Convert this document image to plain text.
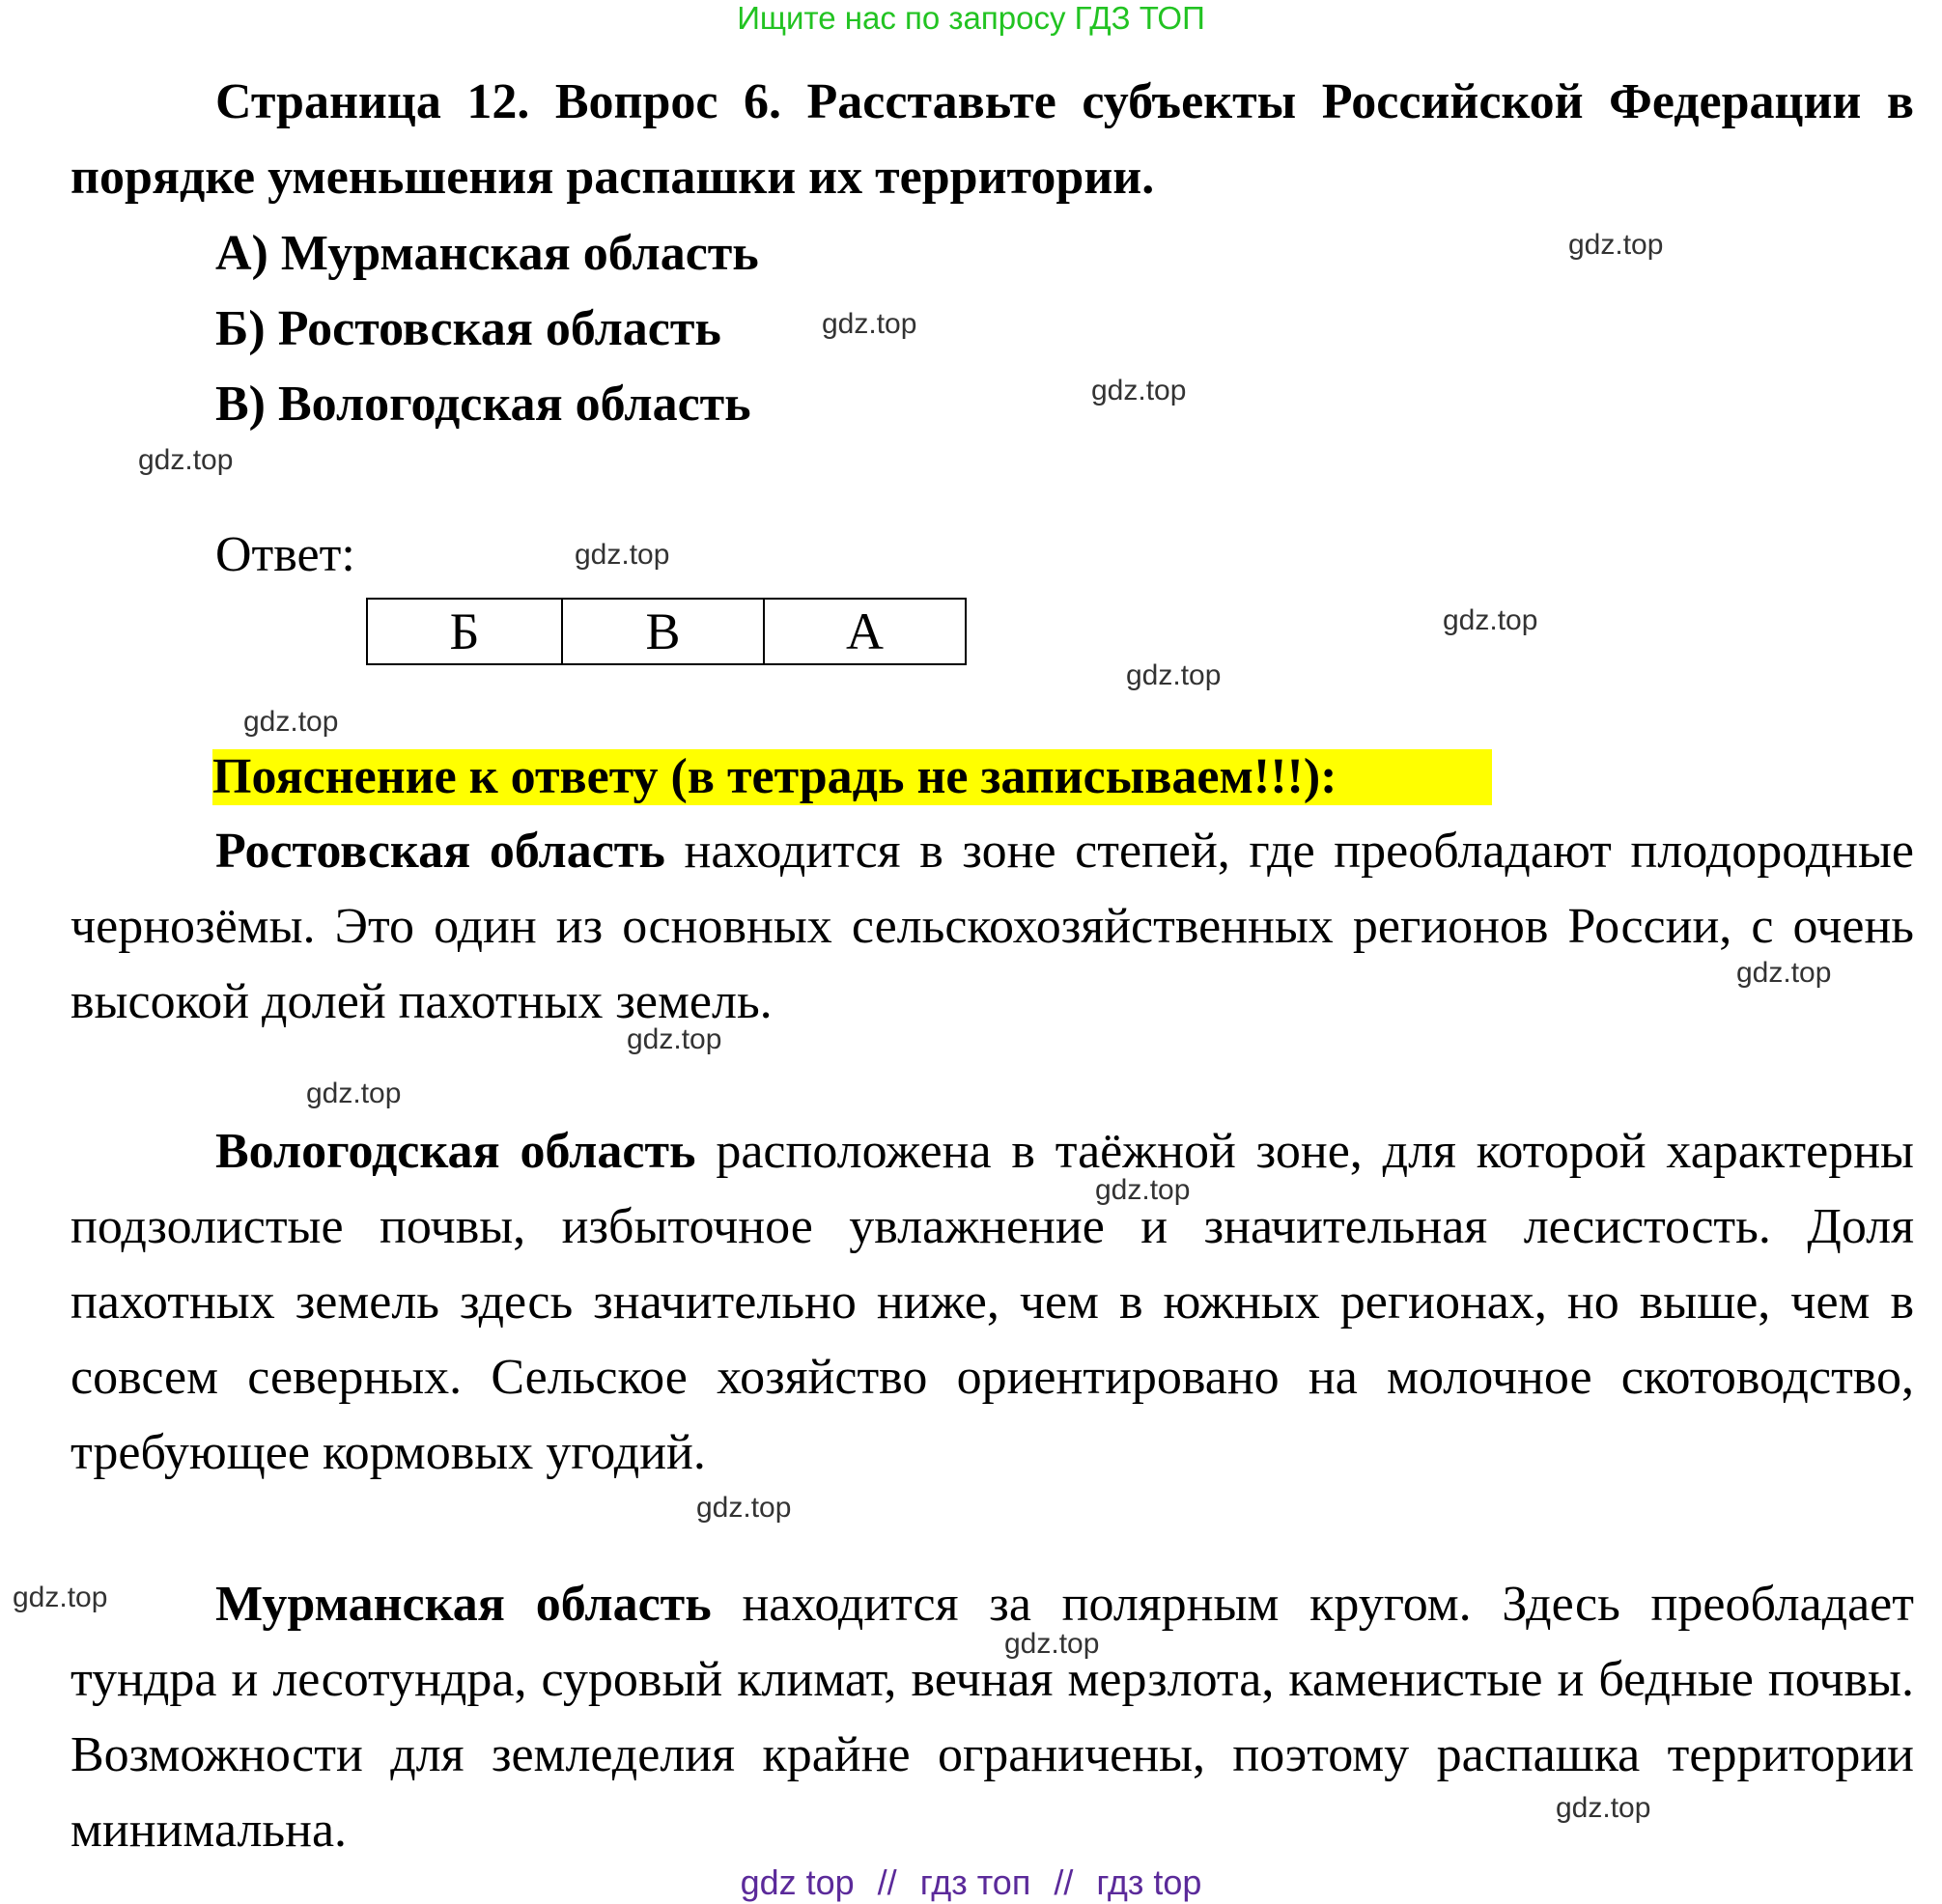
Ищите нас по запросу ГДЗ ТОП

Страница 12. Вопрос 6. Расставьте субъекты Российской Федерации в порядке уменьшения распашки их территории.

А) Мурманская область
Б) Ростовская область
В) Вологодская область
Ответ:
Б	В	А
Пояснение к ответу (в тетрадь не записываем!!!):

Ростовская область находится в зоне степей, где преобладают плодородные чернозёмы. Это один из основных сельскохозяйственных регионов России, с очень высокой долей пахотных земель.

Вологодская область расположена в таёжной зоне, для которой характерны подзолистые почвы, избыточное увлажнение и значительная лесистость. Доля пахотных земель здесь значительно ниже, чем в южных регионах, но выше, чем в совсем северных. Сельское хозяйство ориентировано на молочное скотоводство, требующее кормовых угодий.

Мурманская область находится за полярным кругом. Здесь преобладает тундра и лесотундра, суровый климат, вечная мерзлота, каменистые и бедные почвы. Возможности для земледелия крайне ограничены, поэтому распашка территории минимальна.

gdz.top
gdz.top
gdz.top
gdz.top
gdz.top
gdz.top
gdz.top
gdz.top
gdz.top
gdz.top
gdz.top
gdz.top
gdz.top
gdz.top
gdz.top
gdz.top
gdz top // гдз топ // гдз top
